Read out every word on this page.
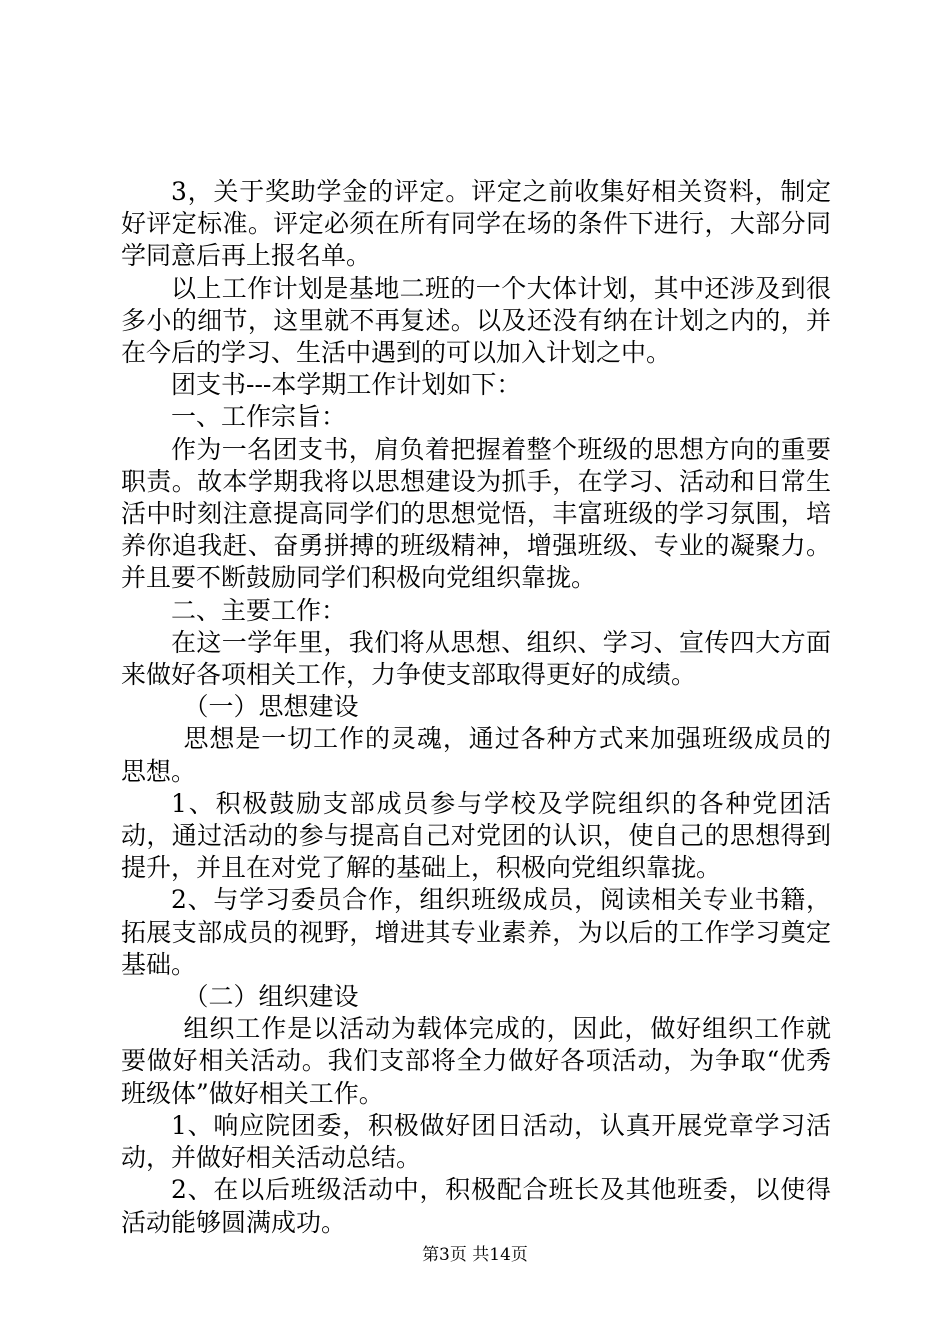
3，关于奖助学金的评定。评定之前收集好相关资料，制定好评定标准。评定必须在所有同学在场的条件下进行，大部分同学同意后再上报名单。

以上工作计划是基地二班的一个大体计划，其中还涉及到很多小的细节，这里就不再复述。以及还没有纳在计划之内的，并在今后的学习、生活中遇到的可以加入计划之中。

团支书---本学期工作计划如下：

一、工作宗旨：

作为一名团支书，肩负着把握着整个班级的思想方向的重要职责。故本学期我将以思想建设为抓手，在学习、活动和日常生活中时刻注意提高同学们的思想觉悟，丰富班级的学习氛围，培养你追我赶、奋勇拼搏的班级精神，增强班级、专业的凝聚力。并且要不断鼓励同学们积极向党组织靠拢。

二、主要工作：

在这一学年里，我们将从思想、组织、学习、宣传四大方面来做好各项相关工作，力争使支部取得更好的成绩。

（一）思想建设

思想是一切工作的灵魂，通过各种方式来加强班级成员的思想。

1、积极鼓励支部成员参与学校及学院组织的各种党团活动，通过活动的参与提高自己对党团的认识，使自己的思想得到提升，并且在对党了解的基础上，积极向党组织靠拢。

2、与学习委员合作，组织班级成员，阅读相关专业书籍，拓展支部成员的视野，增进其专业素养，为以后的工作学习奠定基础。

（二）组织建设

组织工作是以活动为载体完成的，因此，做好组织工作就要做好相关活动。我们支部将全力做好各项活动，为争取“优秀班级体”做好相关工作。

1、响应院团委，积极做好团日活动，认真开展党章学习活动，并做好相关活动总结。

2、在以后班级活动中，积极配合班长及其他班委，以使得活动能够圆满成功。

第3页 共14页
